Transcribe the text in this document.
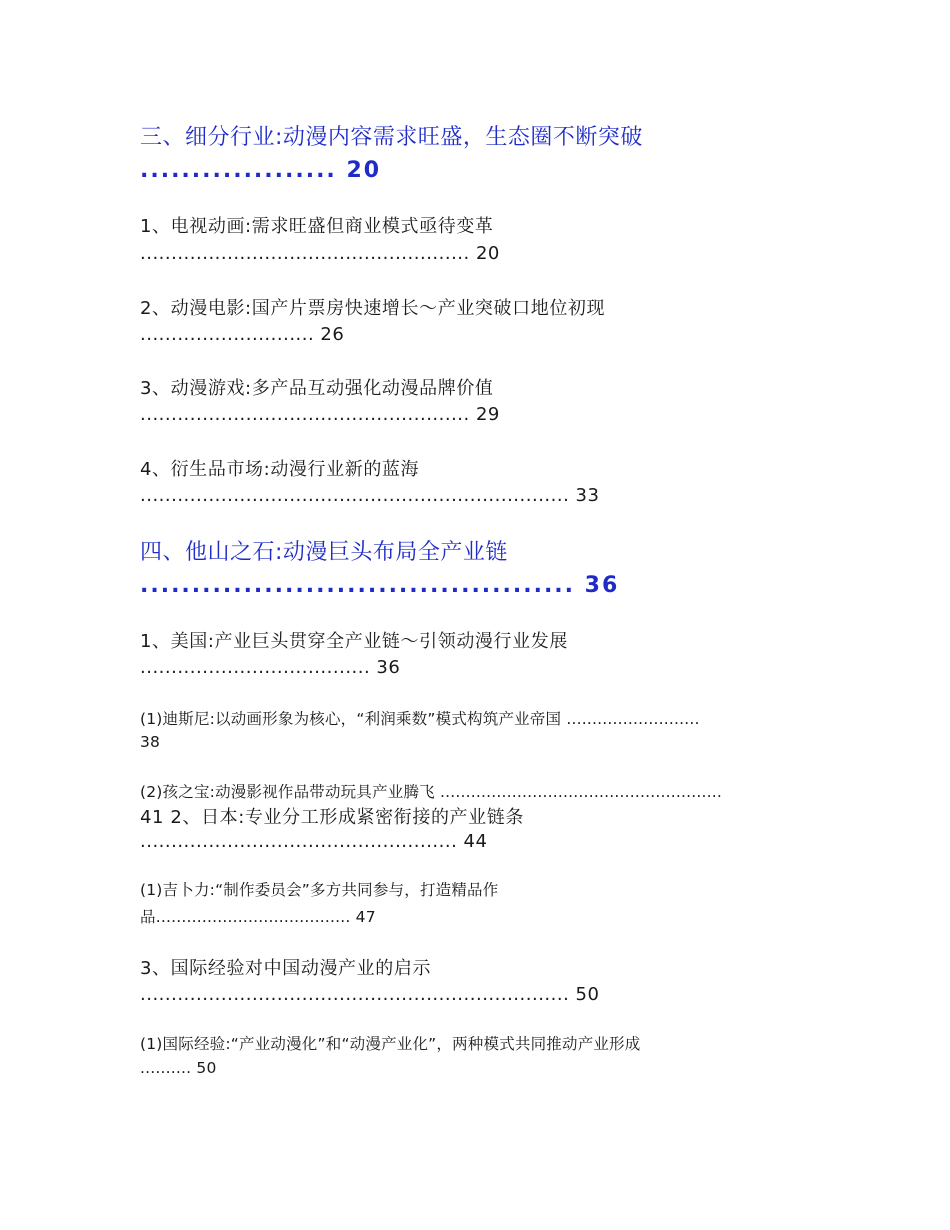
三、细分行业:动漫内容需求旺盛，生态圈不断突破
................... 20
1、电视动画:需求旺盛但商业模式亟待变革
..................................................... 20
2、动漫电影:国产片票房快速增长～产业突破口地位初现
............................ 26
3、动漫游戏:多产品互动强化动漫品牌价值
..................................................... 29
4、衍生品市场:动漫行业新的蓝海
..................................................................... 33
四、他山之石:动漫巨头布局全产业链
.......................................... 36
1、美国:产业巨头贯穿全产业链～引领动漫行业发展
..................................... 36
(1)迪斯尼:以动画形象为核心，“利润乘数”模式构筑产业帝国 ..........................
38
(2)孩之宝:动漫影视作品带动玩具产业腾飞 .......................................................
41 2、日本:专业分工形成紧密衔接的产业链条
................................................... 44
(1)吉卜力:“制作委员会”多方共同参与，打造精品作
品...................................... 47
3、国际经验对中国动漫产业的启示
..................................................................... 50
(1)国际经验:“产业动漫化”和“动漫产业化”，两种模式共同推动产业形成
.......... 50
